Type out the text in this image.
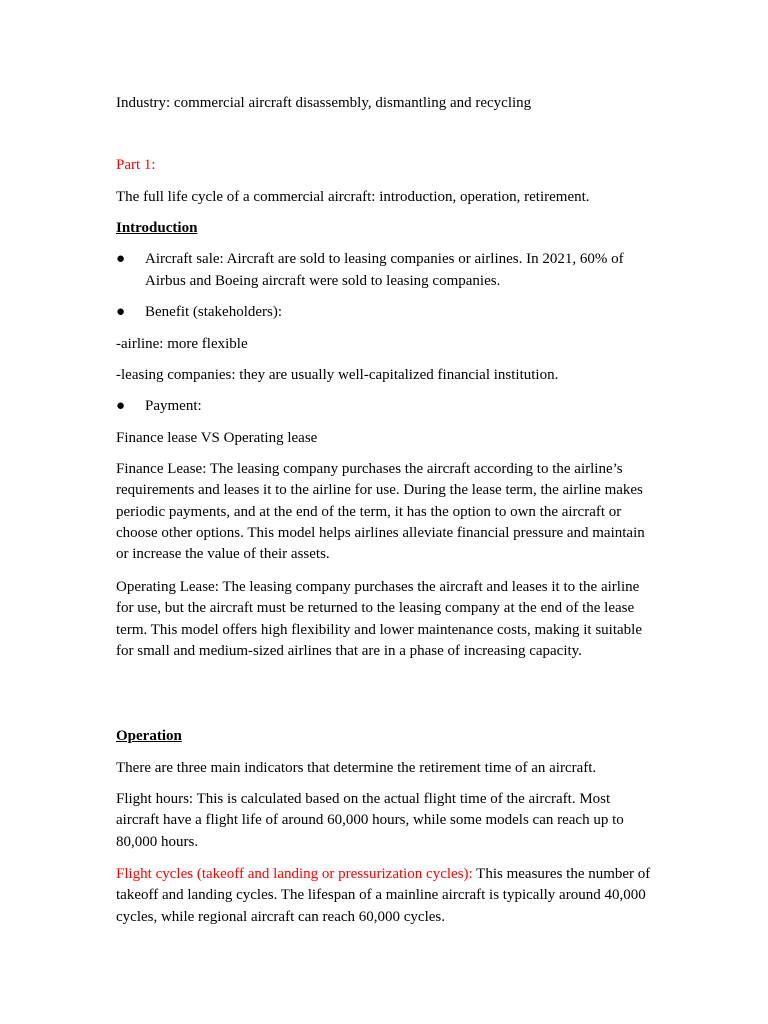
Industry: commercial aircraft disassembly, dismantling and recycling
Part 1:
The full life cycle of a commercial aircraft: introduction, operation, retirement.
Introduction
●	Aircraft sale: Aircraft are sold to leasing companies or airlines. In 2021, 60% of Airbus and Boeing aircraft were sold to leasing companies.
●	Benefit (stakeholders):
-airline: more flexible
-leasing companies: they are usually well-capitalized financial institution.
●	Payment:
Finance lease VS Operating lease
Finance Lease: The leasing company purchases the aircraft according to the airline’s requirements and leases it to the airline for use. During the lease term, the airline makes periodic payments, and at the end of the term, it has the option to own the aircraft or choose other options. This model helps airlines alleviate financial pressure and maintain or increase the value of their assets.
Operating Lease: The leasing company purchases the aircraft and leases it to the airline for use, but the aircraft must be returned to the leasing company at the end of the lease term. This model offers high flexibility and lower maintenance costs, making it suitable for small and medium-sized airlines that are in a phase of increasing capacity.
Operation
There are three main indicators that determine the retirement time of an aircraft.
Flight hours: This is calculated based on the actual flight time of the aircraft. Most aircraft have a flight life of around 60,000 hours, while some models can reach up to 80,000 hours.
Flight cycles (takeoff and landing or pressurization cycles): This measures the number of takeoff and landing cycles. The lifespan of a mainline aircraft is typically around 40,000 cycles, while regional aircraft can reach 60,000 cycles.
